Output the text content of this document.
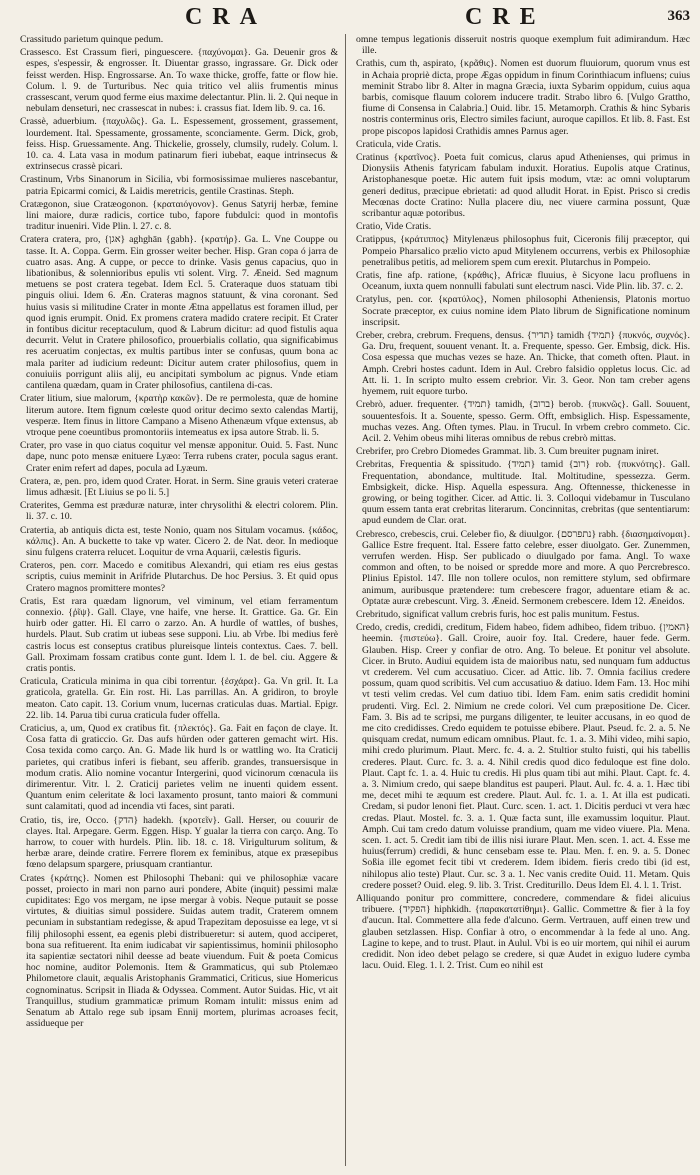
CRA	CRE	363

Crassitudo parietum quinque pedum.

Crassesco. Est Crassum fieri, pinguescere. {παχύνομαι}. Ga. Deuenir gros & espes, s'espessir, & engrosser. It. Diuentar grasso, ingrassare. Gr. Dick oder feisst werden. Hisp. Engrossarse. An. To waxe thicke, groffe, fatte or flow hie. Colum. l. 9. de Turturibus. Nec quia tritico vel aliis frumentis minus crassescant, verum quod ferme eius maxime delectantur. Plin. li. 2. Qui neque in nebulam denseturi, nec crassescat in nubes: i. crassus fiat. Idem lib. 9. ca. 16.

Crassè, aduerbium. {παχυλῶς}. Ga. L. Espessement, grossement, grassement, lourdement. Ital. Spessamente, grossamente, sconciamente. Germ. Dick, grob, feiss. Hisp. Gruessamente. Ang. Thickelie, grossely, clumsily, rudely. Colum. l. 10. ca. 4. Lata vasa in modum patinarum fieri iubebat, eaque intrinsecus & extrinsecus crassè picari.

Crastinum, Vrbs Sinanorum in Sicilia, vbi formosissimae mulieres nascebantur, patria Epicarmi comici, & Laidis meretricis, gentile Crastinas. Steph.

Cratægonon, siue Cratæogonon. {κραταιόγονον}. Genus Satyrij herbæ, femine lini maiore, duræ radicis, cortice tubo, fapore fubdulci: quod in montofis traditur inueniri. Vide Plin. l. 27. c. 8.

Cratera cratera, pro, {אגן} aghghān {gabh}. {κρατήρ}. Ga. L. Vne Couppe ou tasse. It. A. Coppa. Germ. Ein grosser weiter becher. Hisp. Gran copa ó jarra de cuatro asas. Ang. A cuppe, or pecce to drinke. Vasis genus capacius, quo in libationibus, & solennioribus epulis vti solent. Virg. 7. Æneid. Sed magnum metuens se post cratera tegebat. Idem Ecl. 5. Crateraque duos statuam tibi pinguis oliui. Idem 6. Æn. Crateras magnos statuunt, & vina coronant. Sed huius vasis si militudine Crater in monte Ætna appellatus est foramen illud, per quod ignis erumpit. Onid. Ex promens cratera madido cratere recipit. Et Crater in fontibus dicitur receptaculum, quod & Labrum dicitur: ad quod fistulis aqua decurrit. Velut in Cratere philosofico, prouerbialis collatio, qua significabimus res aceruatim conjectas, ex multis partibus inter se confusas, quum bona ac mala pariter ad iudicium redeunt: Dicitur autem crater philosofius, quem in conuiuiis porrigunt aliis alij, eu ancipitati symbolum ac pignus. Vnde etiam cantilena quædam, quam in Crater philosofius, cantilena di-cas.

Crater litium, siue malorum, {κρατὴρ κακῶν}. De re permolesta, quæ de homine literum autore. Item fignum cœleste quod oritur decimo sexto calendas Martij, vesperæ. Item finus in littore Campano a Miseno Athenæum vfque extensus, ab vtroque pene coeuntibus promontoriis intemeatus ex ipsa autore Strab. li. 5.

Crater, pro vase in quo ciatus coquitur vel mensæ apponitur. Ouid. 5. Fast. Nunc dape, nunc poto mensæ enituere Lyæo: Terra rubens crater, pocula sagus erant. Crater enim refert ad dapes, pocula ad Lyæum.

Cratera, æ, pen. pro, idem quod Crater. Horat. in Serm. Sine grauis veteri craterae limus adhæsit. [Et Liuius se po li. 5.]

Craterites, Gemma est præduræ naturæ, inter chrysolithi & electri colorem. Plin. li. 37. c. 10.

Cratertia, ab antiquis dicta est, teste Nonio, quam nos Situlam vocamus. {κάδος, κάλπις}. An. A buckette to take vp water. Cicero 2. de Nat. deor. In medioque sinu fulgens craterra relucet. Loquitur de vrna Aquarii, cælestis figuris.

Crateros, pen. corr. Macedo e comitibus Alexandri, qui etiam res eius gestas scriptis, cuius meminit in Arifride Plutarchus. De hoc Persius. 3. Et quid opus Cratero magnos promittere montes?

Cratis, Est rara quædam lignorum, vel viminum, vel etiam ferramentum connexio. {ῥῖψ}. Gall. Claye, vne haife, vne herse. It. Grattice. Ga. Gr. Ein huirb oder gatter. Hi. El carro o zarzo. An. A hurdle of wattles, of bushes, hurdels. Plaut. Sub cratim ut iubeas sese supponi. Liu. ab Vrbe. Ibi medius ferè castris locus est conseptus cratibus plureisque linteis contextus. Caes. 7. bell. Gall. Proximam fossam cratibus conte gunt. Idem l. 1. de bel. ciu. Aggere & cratis pontis.

Craticula, Craticula minima in qua cibi torrentur. {ἐσχάρα}. Ga. Vn gril. It. La graticola, gratella. Gr. Ein rost. Hi. Las parrillas. An. A gridiron, to broyle meaton. Cato capit. 13. Corium vnum, lucernas craticulas duas. Martial. Epigr. 22. lib. 14. Parua tibi curua craticula fuder offella.

Craticius, a, um, Quod ex cratibus fit. {πλεκτός}. Ga. Fait en façon de claye. It. Cosa fatta di graticcio. Gr. Das aufs hürden oder gatteren gemacht wirt. His. Cosa texida como carço. An. G. Made lik hurd ls or wattling wo. Ita Craticij parietes, qui cratibus inferi is fiebant, seu afferib. grandes, transuersisque in modum cratis. Alio nomine vocantur Intergerini, quod vicinorum cœnacula iis dirimerentur. Vitr. l. 2. Craticij parietes velim ne inuenti quidem essent. Quantum enim celeritate & loci laxamento prosunt, tanto maiori & communi sunt calamitati, quod ad incendia vti faces, sint parati.

Cratio, tis, ire, Occo. {הדק} hadekh. {κροτεῖν}. Gall. Herser, ou couurir de clayes. Ital. Arpegare. Germ. Eggen. Hisp. Y gualar la tierra con carço. Ang. To harrow, to couer with hurdels. Plin. lib. 18. c. 18. Virigulturum solitum, & herbæ arare, deinde cratire. Ferrere florem ex feminibus, atque ex præsepibus fœno delapsum spargere, priusquam crantiantur.

Crates {κράτης}. Nomen est Philosophi Thebani: qui ve philosophiæ vacare posset, proiecto in mari non parno auri pondere, Abite (inquit) pessimi malæ cupiditates: Ego vos mergam, ne ipse mergar à vobis. Neque putauit se posse virtutes, & diuitias simul possidere. Suidas autem tradit, Craterem omnem pecuniam in substantiam redegisse, & apud Trapezitam deposuisse ea lege, vt si filij philosophi essent, ea egenis plebi distribueretur: si autem, quod acciperet, bona sua refituerent. Ita enim iudicabat vir sapientissimus, hominii philosopho ita sapientiæ sectatori nihil deesse ad beate viuendum. Fuit & poeta Comicus hoc nomine, auditor Polemonis. Item & Grammaticus, qui sub Ptolemæo Philometore clauit, æqualis Aristophanis Grammatici, Criticus, siue Homericus cognominatus. Scripsit in Iliada & Odyssea. Comment. Autor Suidas. Hic, vt ait Tranquillus, studium grammaticæ primum Romam intulit: missus enim ad Senatum ab Attalo rege sub ipsam Ennij mortem, plurimas acroases fecit, assidueque per

omne tempus legationis disseruit nostris quoque exemplum fuit adimirandum. Hæc ille.

Crathis, cum th, aspirato, {κρᾶθις}. Nomen est duorum fluuiorum, quorum vnus est in Achaia propriè dicta, prope Ægas oppidum in finum Corinthiacum influens; cuius meminit Strabo libr 8. Alter in magna Græcia, iuxta Sybarim oppidum, cuius aqua barbis, comisque flauum colorem inducere tradit. Strabo libro 6. [Vulgo Grattho, fiume di Consensa in Calabria.] Ouid. libr. 15. Metamorph. Crathis & hinc Sybaris nostris conterminus oris, Electro similes faciunt, auroque capillos. Et lib. 8. Fast. Est prope piscopos lapidosi Crathidis amnes Parnus ager.

Craticula, vide Cratis.

Cratinus {κρατῖνος}. Poeta fuit comicus, clarus apud Athenienses, qui primus in Dionysiis Athenis fatyricam fabulam induxit. Horatius. Eupolis atque Cratinus, Aristophanesque poetæ. Hic autem fuit ipsis modum, vtæ: ac omni voluptarum generi deditus, præcipue ebrietati: ad quod alludit Horat. in Epist. Prisco si credis Mecœnas docte Cratino: Nulla placere diu, nec viuere carmina possunt, Quæ scribantur aquæ potoribus.

Cratio, Vide Cratis.

Cratippus, {κράτιππος} Mitylenæus philosophus fuit, Ciceronis filij præceptor, qui Pompeio Pharsalico prælio victo apud Mitylenem occurrens, verbis ex Philosophiæ penetralibus petitis, ad meliorem spem cum erexit. Plutarchus in Pompeio.

Cratis, fine afp. ratione, {κράθις}, Africæ fluuius, è Sicyone lacu profluens in Oceanum, iuxta quem nonnulli fabulati sunt electrum nasci. Vide Plin. lib. 37. c. 2.

Cratylus, pen. cor. {κρατύλος}, Nomen philosophi Atheniensis, Platonis mortuo Socrate præceptor, ex cuius nomine idem Plato librum de Significatione nominum inscripsit.

Creber, crebra, crebrum. Frequens, densus. {תדיר} tamidh {תמיד} {πυκνός, συχνός}. Ga. Dru, frequent, souuent venant. It. a. Frequente, spesso. Ger. Embsig, dick. His. Cosa espessa que muchas vezes se haze. An. Thicke, that cometh often. Plaut. in Amph. Crebri hostes cadunt. Idem in Aul. Crebro falsidio oppletus locus. Cic. ad Att. li. 1. In scripto multo essem crebrior. Vir. 3. Geor. Non tam creber agens hyemem, ruit equore turbo.

Crebrò, aduer. frequenter. {תמיד} tamidh, {ברוב} berob. {πυκνῶς}. Gall. Souuent, souuentesfois. It a. Souente, spesso. Germ. Offt, embsiglich. Hisp. Espessamente, muchas vezes. Ang. Often tymes. Plau. in Trucul. In vrbem crebro commeto. Cic. Acil. 2. Vehim obeus mihi literas omnibus de rebus crebrò mittas.

Crebrifer, pro Crebro Diomedes Grammat. lib. 3. Cum breuiter pugnam iniret.

Crebritas, Frequentia & spissitudo. {תמיד} tamid {רוב} rob. {πυκνότης}. Gall. Frequentation, abondance, multitude. Ital. Moltitudine, spessezza. Germ. Embsigkeit, dicke. Hisp. Aquella espessura. Ang. Oftennesse, thickenesse in growing, or being togither. Cicer. ad Attic. li. 3. Colloqui videbamur in Tusculano quum essem tanta erat crebritas literarum. Concinnitas, crebritas (que sententiarum: apud eundem de Clar. orat.

Crebresco, crebescis, crui. Celeber fio, & diuulgor. {נתפרסם} rabh. {διασημαίνομαι}. Gallice Estre frequent. Ital. Essere fatto celebre, esser diuolgato. Ger. Zunemmen, verrufen werden. Hisp. Ser publicado o diuulgado por fama. Angl. To waxe common and often, to be noised or spredde more and more. A quo Percrebresco. Plinius Epistol. 147. Ille non tollere oculos, non remittere stylum, sed obfirmare animum, auribusque prætendere: tum crebescere fragor, aduentare etiam & ac. Optatæ auræ crebescunt. Virg. 3. Æneid. Sermonem crebescere. Idem 12. Æneidos.

Crebritudo, significat vallum crebris furis, hoc est palis munitum. Festus.

Credo, credis, credidi, creditum, Fidem habeo, fidem adhibeo, fidem tribuo. {האמין} heemin. {πιστεύω}. Gall. Croire, auoir foy. Ital. Credere, hauer fede. Germ. Glauben. Hisp. Creer y confiar de otro. Ang. To beleue. Et ponitur vel absolute. Cicer. in Bruto. Audiui equidem ista de maioribus natu, sed nunquam fum adductus vt crederem. Vel cum accusatiuo. Cicer. ad Attic. lib. 7. Omnia facilius credere possum, quam quod scribitis. Vel cum accusatiuo & datiuo. Idem Fam. 13. Hoc mihi vt testi velim credas. Vel cum datiuo tibi. Idem Fam. enim satis credidit homini prudenti. Virg. Ecl. 2. Nimium ne crede colori. Vel cum præpositione De. Cicer. Fam. 3. Bis ad te scripsi, me purgans diligenter, te leuiter accusans, in eo quod de me cito credidisses. Credo equidem te potuisse ebibere. Plaut. Pseud. fc. 2. a. 5. Ne quisquam credat, numum edicam omnibus. Plaut. fc. 1. a. 3. Mihi video, mihi sapio, mihi credo plurimum. Plaut. Merc. fc. 4. a. 2. Stultior stulto fuisti, qui his tabellis crederes. Plaut. Curc. fc. 3. a. 4. Nihil credis quod dico feduloque est fine dolo. Plaut. Capt fc. 1. a. 4. Huic tu credis. Hi plus quam tibi aut mihi. Plaut. Capt. fc. 4. a. 3. Nimium credo, qui saepe blanditus est pauperi. Plaut. Aul. fc. 4. a. 1. Hæc tibi me, decet mihi te æquum est credere. Plaut. Aul. fc. 1. a. 1. At illa est pudicati. Credam, si pudor lenoni fiet. Plaut. Curc. scen. 1. act. 1. Dicitis perduci vt vera hæc credas. Plaut. Mostel. fc. 3. a. 1. Quæ facta sunt, ille examussim loquitur. Plaut. Amph. Cui tam credo datum voluisse prandium, quam me video viuere. Pla. Mena. scen. 1. act. 5. Credit iam tibi de illis nisi iurare Plaut. Men. scen. 1. act. 4. Esse me huius(ferrum) credidi, & hunc censebam esse te. Plau. Men. f. en. 9. a. 5. Donec Soßia ille egomet fecit tibi vt crederem. Idem ibidem. fieris credo tibi (id est, nihilopus alio teste) Plaut. Cur. sc. 3 a. 1. Nec vanis credite Ouid. 11. Metam. Quis credere posset? Ouid. eleg. 9. lib. 3. Trist. Crediturillo. Deus Idem El. 4. l. 1. Trist.

Alliquando ponitur pro committere, concredere, commendare & fidei alicuius tribuere. {הפקיד} hiphkidh. {παρακατατίθημι}. Gallic. Commettre & fier à la foy d'aucun. Ital. Commettere alla fede d'alcuno. Germ. Vertrauen, auff einen trew und glauben setzlassen. Hisp. Confiar à otro, o encommendar à la fede al uno. Ang. Lagine to kepe, and to trust. Plaut. in Aulul. Vbi is eo uir mortem, qui nihil ei aurum credidit. Non ideo debet pelago se credere, si quæ Audet in exiguo ludere cymba lacu. Ouid. Eleg. 1. l. 2. Trist. Cum eo nihil est
